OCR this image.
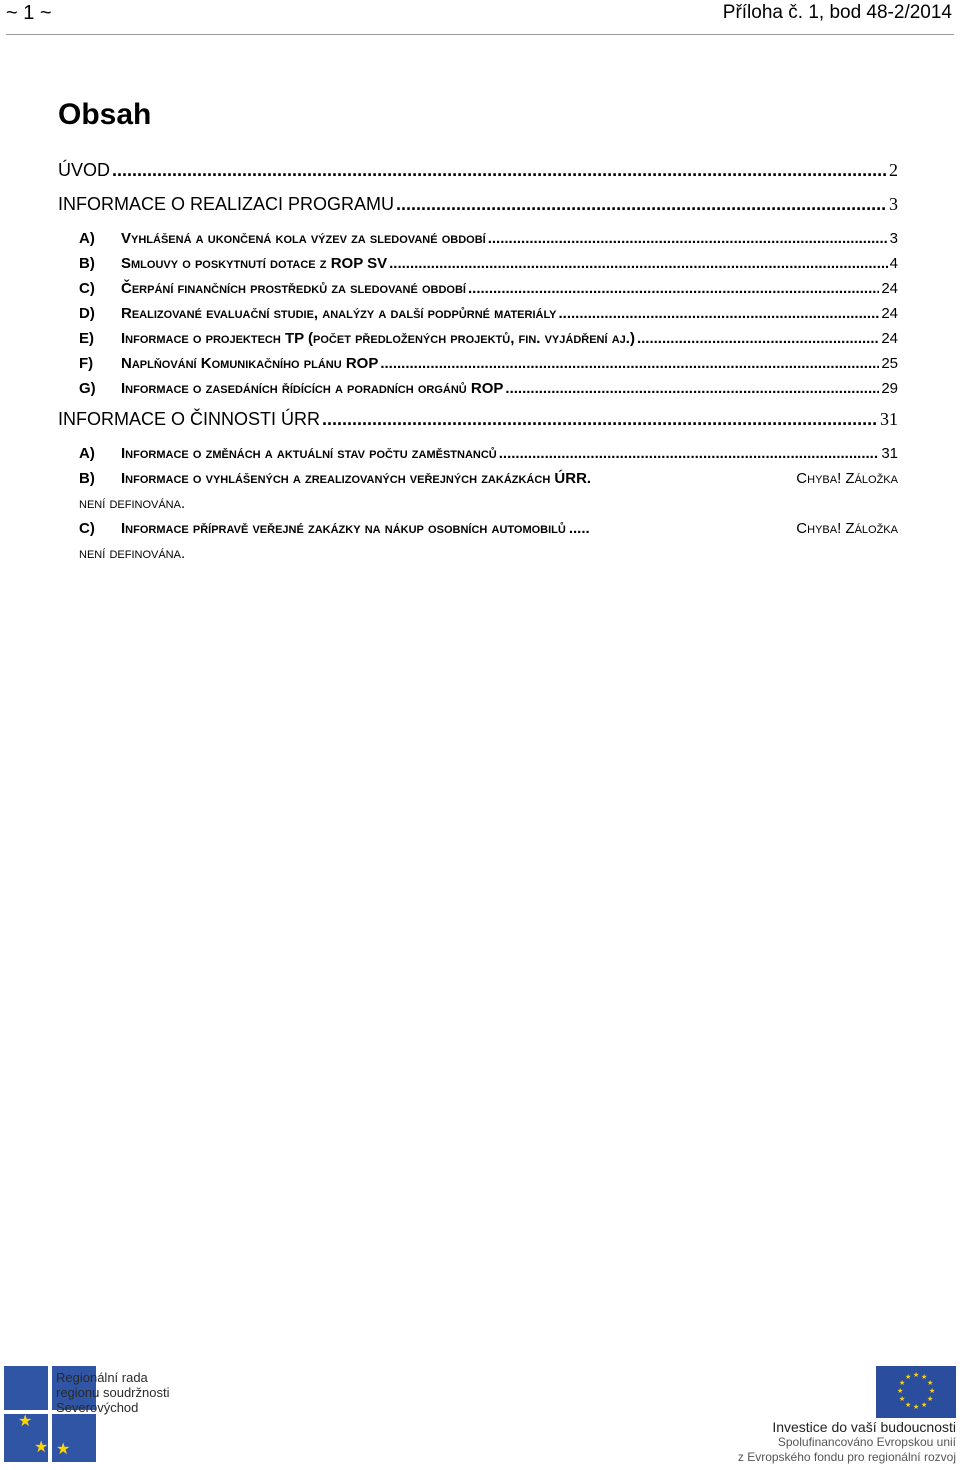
~ 1 ~	Příloha č. 1, bod 48-2/2014
Obsah
ÚVOD .....	2
INFORMACE O REALIZACI PROGRAMU .....	3
A)	Vyhlášená a ukončená kola výzev za sledované období .....	3
B)	Smlouvy o poskytnutí dotace z ROP SV .....	4
C)	Čerpání finančních prostředků za sledované období .....	24
D)	Realizované evaluační studie, analýzy a další podpůrné materiály .....	24
E)	Informace o projektech TP (počet předložených projektů, fin. vyjádření aj.) .....	24
F)	Naplňování Komunikačního plánu ROP .....	25
G)	Informace o zasedáních řídících a poradních orgánů ROP .....	29
INFORMACE O ČINNOSTI ÚRR .....	31
A)	Informace o změnách a aktuální stav počtu zaměstnanců .....	31
B) Informace o vyhlášených a zrealizovaných veřejných zakázkách ÚRR.	Chyba! Záložka
není definována.
C) Informace přípravě veřejné zakázky na nákup osobních automobilů .....	Chyba! Záložka
není definována.
★
★ ★
Regionální rada
regionu soudržnosti
Severovýchod
★ ★
★
★
★
★
★
★
★
★
★
★
Investice do vaší budoucnosti
Spolufinancováno Evropskou unií
z Evropského fondu pro regionální rozvoj
